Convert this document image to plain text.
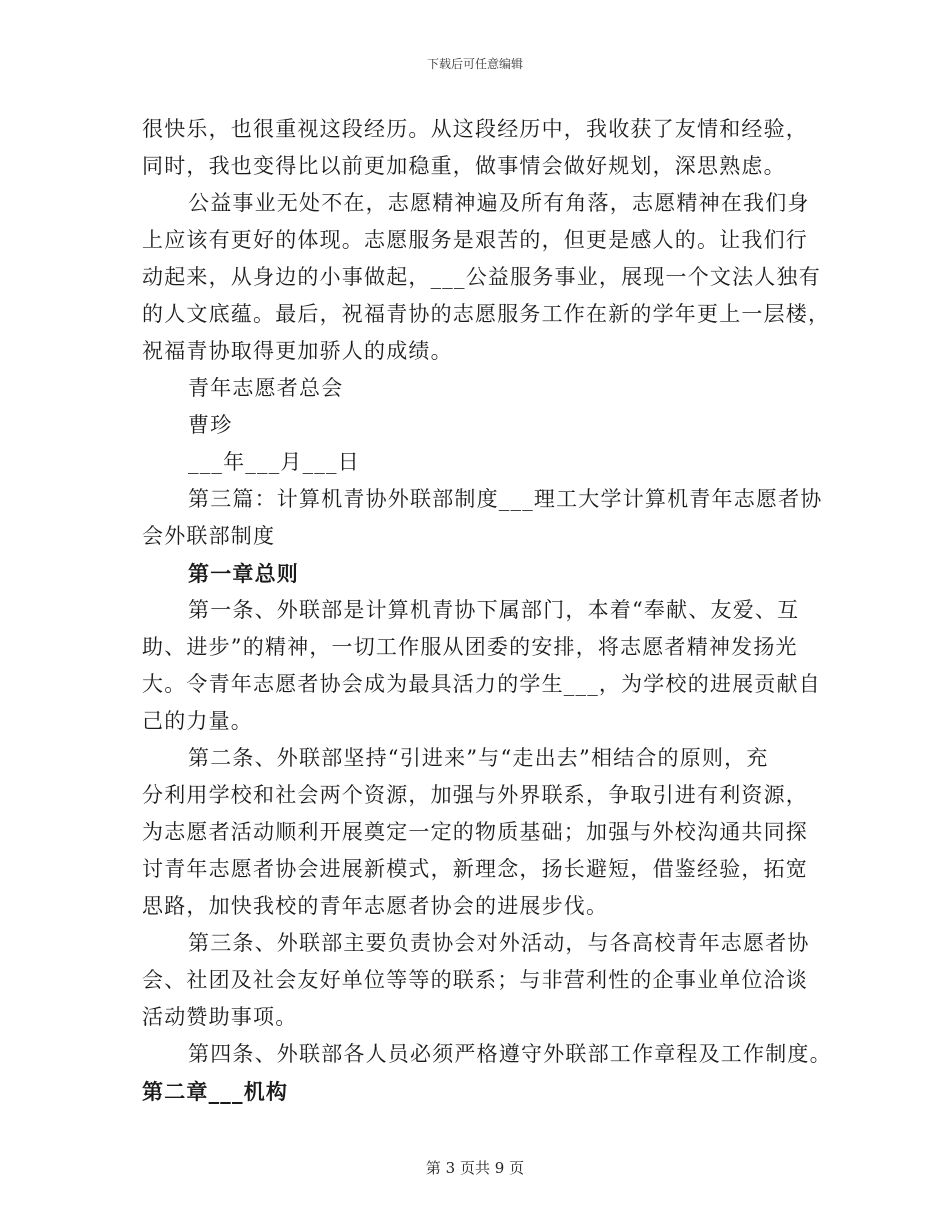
下载后可任意编辑
很快乐，也很重视这段经历。从这段经历中，我收获了友情和经验，
同时，我也变得比以前更加稳重，做事情会做好规划，深思熟虑。
公益事业无处不在，志愿精神遍及所有角落，志愿精神在我们身
上应该有更好的体现。志愿服务是艰苦的，但更是感人的。让我们行
动起来，从身边的小事做起，___公益服务事业，展现一个文法人独有
的人文底蕴。最后，祝福青协的志愿服务工作在新的学年更上一层楼，
祝福青协取得更加骄人的成绩。
青年志愿者总会
曹珍
___年___月___日
第三篇：计算机青协外联部制度___理工大学计算机青年志愿者协
会外联部制度
第一章总则
第一条、外联部是计算机青协下属部门，本着“奉献、友爱、互
助、进步”的精神，一切工作服从团委的安排，将志愿者精神发扬光
大。令青年志愿者协会成为最具活力的学生___，为学校的进展贡献自
己的力量。
第二条、外联部坚持“引进来”与“走出去”相结合的原则，充
分利用学校和社会两个资源，加强与外界联系，争取引进有利资源，
为志愿者活动顺利开展奠定一定的物质基础；加强与外校沟通共同探
讨青年志愿者协会进展新模式，新理念，扬长避短，借鉴经验，拓宽
思路，加快我校的青年志愿者协会的进展步伐。
第三条、外联部主要负责协会对外活动，与各高校青年志愿者协
会、社团及社会友好单位等等的联系；与非营利性的企事业单位洽谈
活动赞助事项。
第四条、外联部各人员必须严格遵守外联部工作章程及工作制度。
第二章___机构
第 3 页共 9 页
